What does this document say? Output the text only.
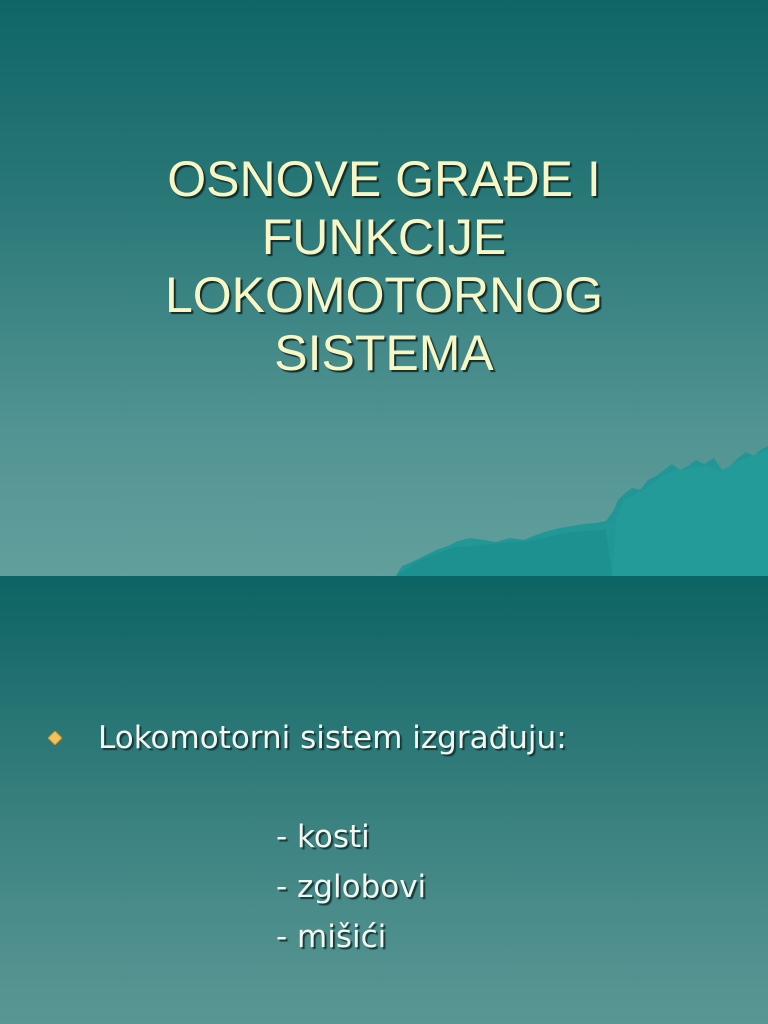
OSNOVE GRAĐE I
FUNKCIJE
LOKOMOTORNOG
SISTEMA
Lokomotorni sistem izgrađuju:
- kosti
- zglobovi
- mišići
